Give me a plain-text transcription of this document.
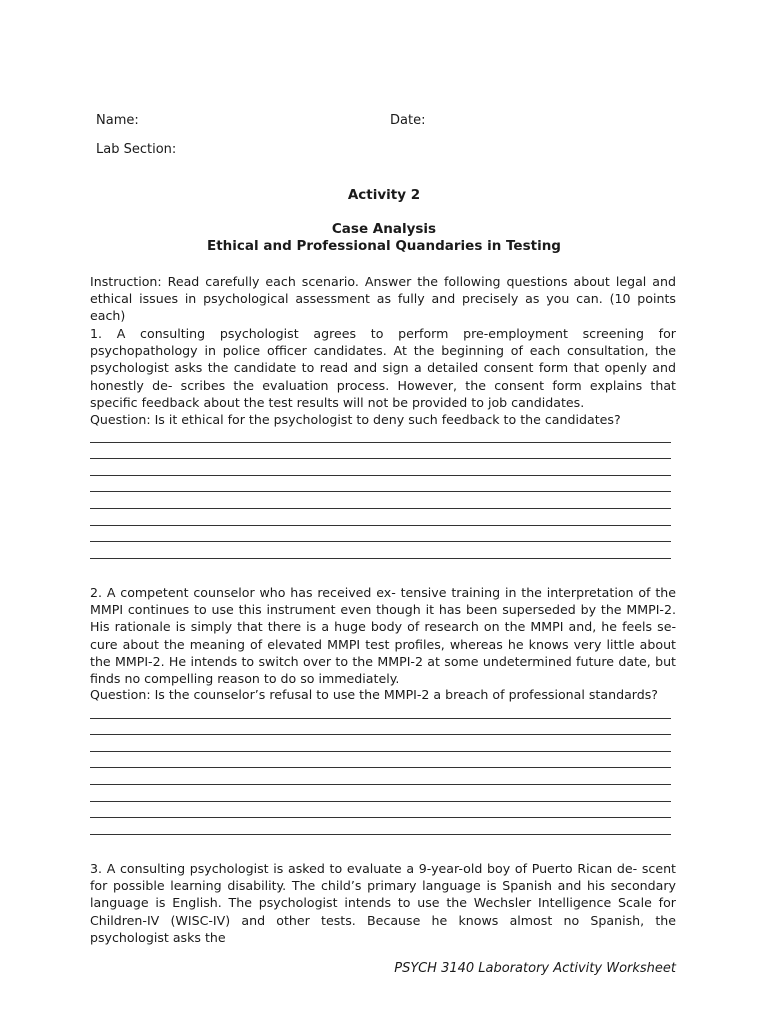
Name:	Date:
Lab Section:
Activity 2
Case Analysis
Ethical and Professional Quandaries in Testing
Instruction: Read carefully each scenario. Answer the following questions about legal and ethical issues in psychological assessment as fully and precisely as you can. (10 points each)
1. A consulting psychologist agrees to perform pre-employment screening for psychopathology in police officer candidates. At the beginning of each consultation, the psychologist asks the candidate to read and sign a detailed consent form that openly and honestly de- scribes the evaluation process. However, the consent form explains that specific feedback about the test results will not be provided to job candidates.
Question: Is it ethical for the psychologist to deny such feedback to the candidates?
2. A competent counselor who has received ex- tensive training in the interpretation of the MMPI continues to use this instrument even though it has been superseded by the MMPI-2. His rationale is simply that there is a huge body of research on the MMPI and, he feels se- cure about the meaning of elevated MMPI test profiles, whereas he knows very little about the MMPI-2. He intends to switch over to the MMPI-2 at some undetermined future date, but finds no compelling reason to do so immediately.
Question: Is the counselor’s refusal to use the MMPI-2 a breach of professional standards?
3. A consulting psychologist is asked to evaluate a 9-year-old boy of Puerto Rican de- scent for possible learning disability. The child’s primary language is Spanish and his secondary language is English. The psychologist intends to use the Wechsler Intelligence Scale for Children-IV (WISC-IV) and other tests. Because he knows almost no Spanish, the psychologist asks the
PSYCH 3140 Laboratory Activity Worksheet
